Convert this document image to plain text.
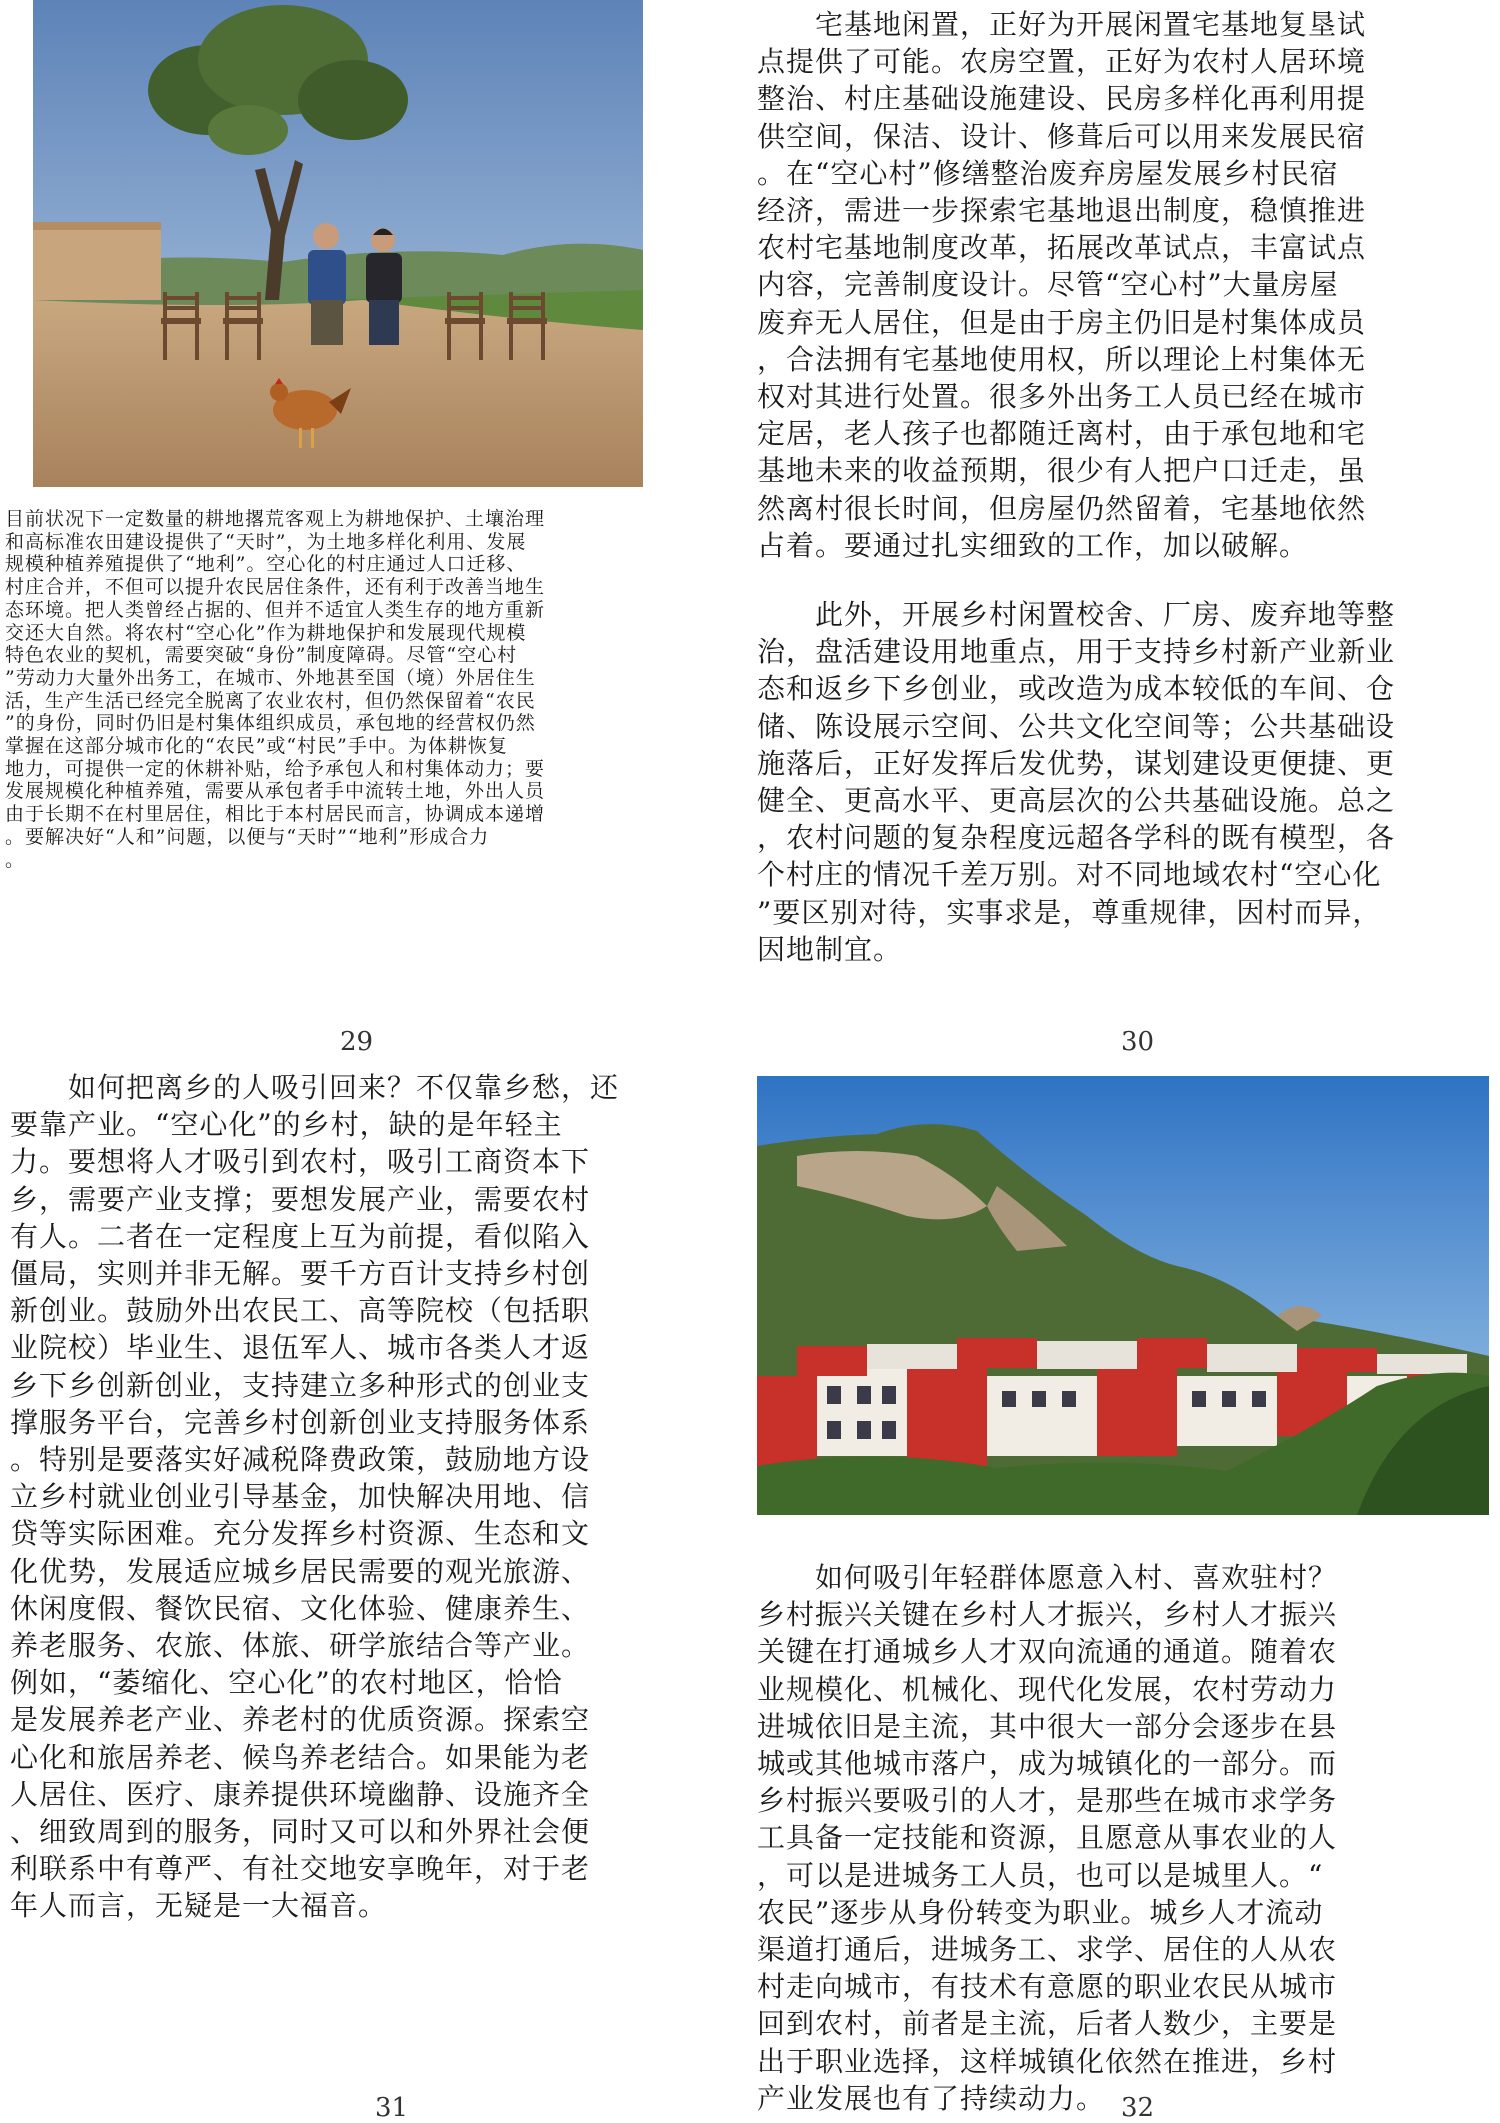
目前状况下一定数量的耕地撂荒客观上为耕地保护、土壤治理
和高标准农田建设提供了“天时”，为土地多样化利用、发展
规模种植养殖提供了“地利”。空心化的村庄通过人口迁移、
村庄合并，不但可以提升农民居住条件，还有利于改善当地生
态环境。把人类曾经占据的、但并不适宜人类生存的地方重新
交还大自然。将农村“空心化”作为耕地保护和发展现代规模
特色农业的契机，需要突破“身份”制度障碍。尽管“空心村
”劳动力大量外出务工，在城市、外地甚至国（境）外居住生
活，生产生活已经完全脱离了农业农村，但仍然保留着“农民
”的身份，同时仍旧是村集体组织成员，承包地的经营权仍然
掌握在这部分城市化的“农民”或“村民”手中。为体耕恢复
地力，可提供一定的休耕补贴，给予承包人和村集体动力；要
发展规模化种植养殖，需要从承包者手中流转土地，外出人员
由于长期不在村里居住，相比于本村居民而言，协调成本递增
。要解决好“人和”问题，以便与“天时”“地利”形成合力
。

29

　　宅基地闲置，正好为开展闲置宅基地复垦试
点提供了可能。农房空置，正好为农村人居环境
整治、村庄基础设施建设、民房多样化再利用提
供空间，保洁、设计、修葺后可以用来发展民宿
。在“空心村”修缮整治废弃房屋发展乡村民宿
经济，需进一步探索宅基地退出制度，稳慎推进
农村宅基地制度改革，拓展改革试点，丰富试点
内容，完善制度设计。尽管“空心村”大量房屋
废弃无人居住，但是由于房主仍旧是村集体成员
，合法拥有宅基地使用权，所以理论上村集体无
权对其进行处置。很多外出务工人员已经在城市
定居，老人孩子也都随迁离村，由于承包地和宅
基地未来的收益预期，很少有人把户口迁走，虽
然离村很长时间，但房屋仍然留着，宅基地依然
占着。要通过扎实细致的工作，加以破解。

　　此外，开展乡村闲置校舍、厂房、废弃地等整
治，盘活建设用地重点，用于支持乡村新产业新业
态和返乡下乡创业，或改造为成本较低的车间、仓
储、陈设展示空间、公共文化空间等；公共基础设
施落后，正好发挥后发优势，谋划建设更便捷、更
健全、更高水平、更高层次的公共基础设施。总之
，农村问题的复杂程度远超各学科的既有模型，各
个村庄的情况千差万别。对不同地域农村“空心化
”要区别对待，实事求是，尊重规律，因村而异，
因地制宜。

30

　　如何把离乡的人吸引回来？不仅靠乡愁，还
要靠产业。“空心化”的乡村，缺的是年轻主
力。要想将人才吸引到农村，吸引工商资本下
乡，需要产业支撑；要想发展产业，需要农村
有人。二者在一定程度上互为前提，看似陷入
僵局，实则并非无解。要千方百计支持乡村创
新创业。鼓励外出农民工、高等院校（包括职
业院校）毕业生、退伍军人、城市各类人才返
乡下乡创新创业，支持建立多种形式的创业支
撑服务平台，完善乡村创新创业支持服务体系
。特别是要落实好减税降费政策，鼓励地方设
立乡村就业创业引导基金，加快解决用地、信
贷等实际困难。充分发挥乡村资源、生态和文
化优势，发展适应城乡居民需要的观光旅游、
休闲度假、餐饮民宿、文化体验、健康养生、
养老服务、农旅、体旅、研学旅结合等产业。
例如，“萎缩化、空心化”的农村地区，恰恰
是发展养老产业、养老村的优质资源。探索空
心化和旅居养老、候鸟养老结合。如果能为老
人居住、医疗、康养提供环境幽静、设施齐全
、细致周到的服务，同时又可以和外界社会便
利联系中有尊严、有社交地安享晚年，对于老
年人而言，无疑是一大福音。

31

　　如何吸引年轻群体愿意入村、喜欢驻村？
乡村振兴关键在乡村人才振兴，乡村人才振兴
关键在打通城乡人才双向流通的通道。随着农
业规模化、机械化、现代化发展，农村劳动力
进城依旧是主流，其中很大一部分会逐步在县
城或其他城市落户，成为城镇化的一部分。而
乡村振兴要吸引的人才，是那些在城市求学务
工具备一定技能和资源，且愿意从事农业的人
，可以是进城务工人员，也可以是城里人。“
农民”逐步从身份转变为职业。城乡人才流动
渠道打通后，进城务工、求学、居住的人从农
村走向城市，有技术有意愿的职业农民从城市
回到农村，前者是主流，后者人数少，主要是
出于职业选择，这样城镇化依然在推进，乡村
产业发展也有了持续动力。 32
